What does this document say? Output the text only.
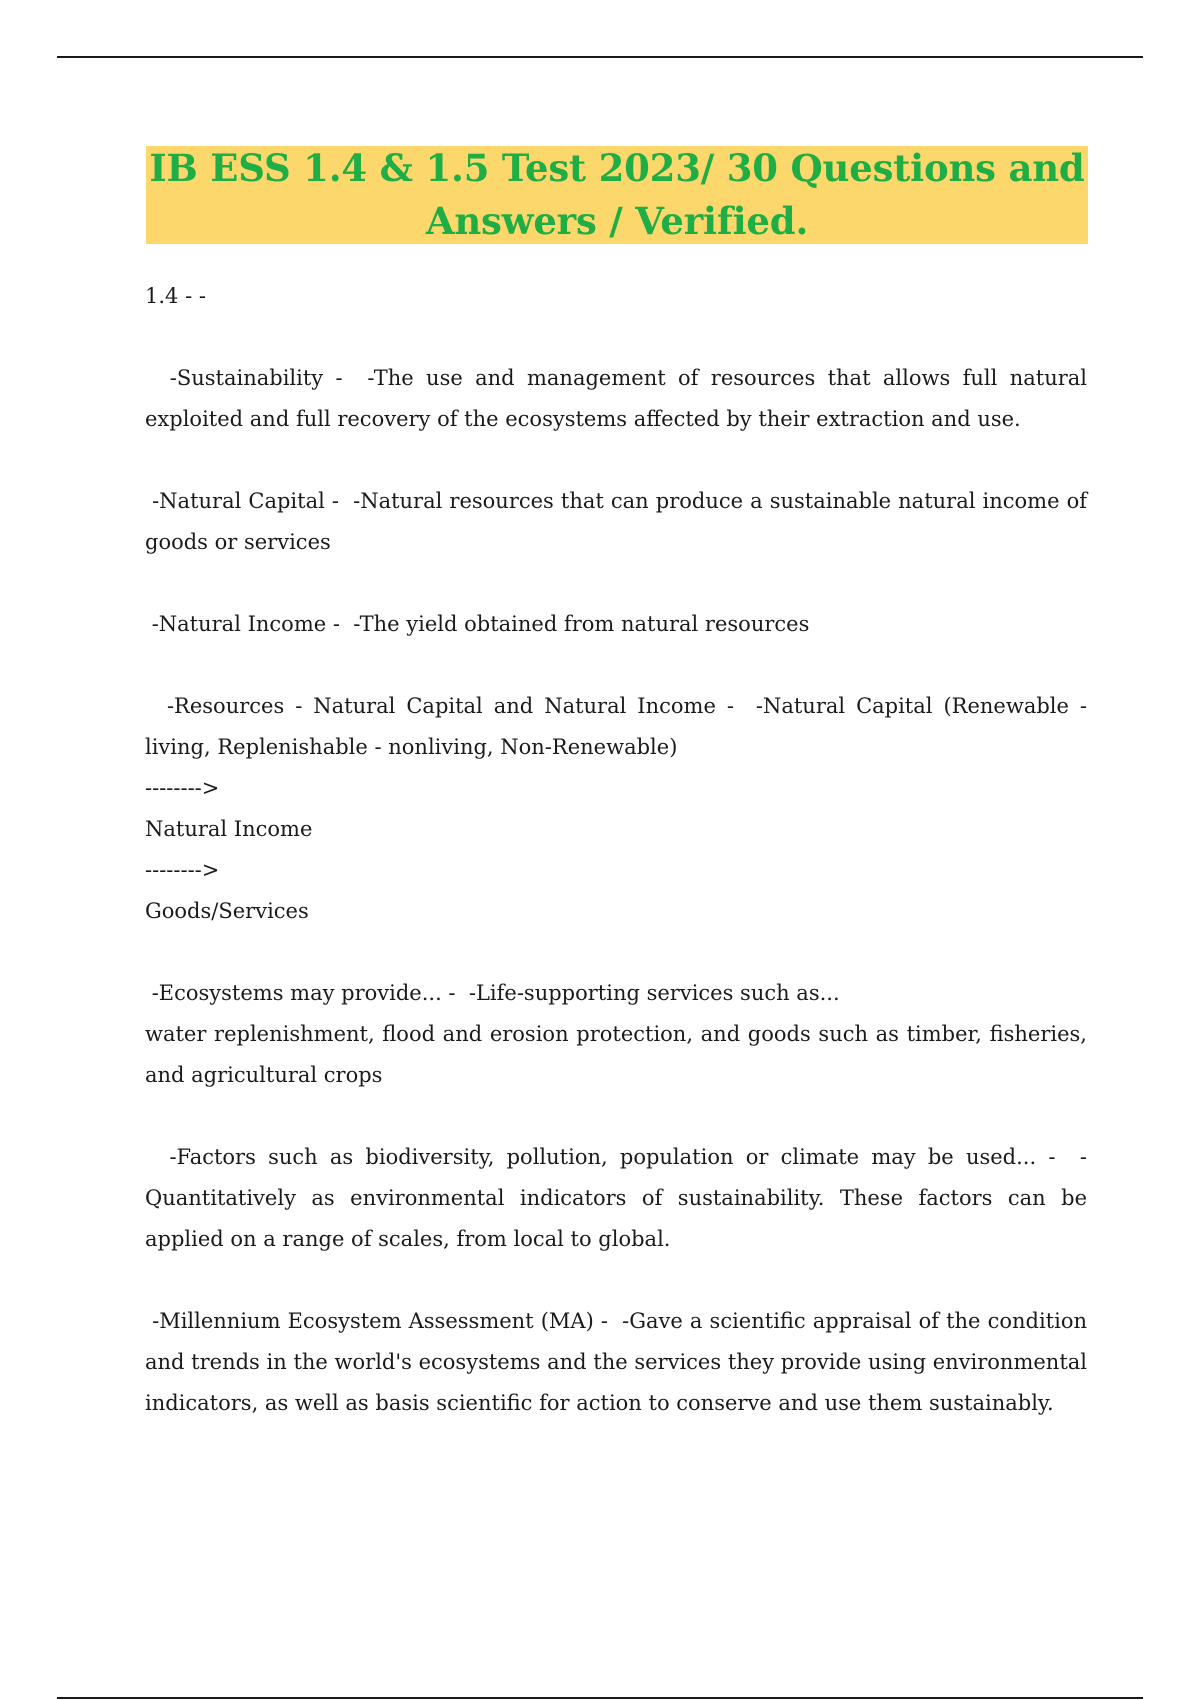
IB ESS 1.4 & 1.5 Test 2023/ 30 Questions and
Answers / Verified.

1.4 - -

-Sustainability -  -The use and management of resources that allows full natural exploited and full recovery of the ecosystems affected by their extraction and use.

-Natural Capital -  -Natural resources that can produce a sustainable natural income of goods or services

-Natural Income -  -The yield obtained from natural resources

-Resources - Natural Capital and Natural Income -  -Natural Capital (Renewable - living, Replenishable - nonliving, Non-Renewable)

-------->

Natural Income

-------->

Goods/Services

-Ecosystems may provide... -  -Life-supporting services such as...

water replenishment, flood and erosion protection, and goods such as timber, fisheries, and agricultural crops

-Factors such as biodiversity, pollution, population or climate may be used... -  - Quantitatively as environmental indicators of sustainability. These factors can be applied on a range of scales, from local to global.

-Millennium Ecosystem Assessment (MA) -  -Gave a scientific appraisal of the condition and trends in the world's ecosystems and the services they provide using environmental indicators, as well as basis scientific for action to conserve and use them sustainably.
